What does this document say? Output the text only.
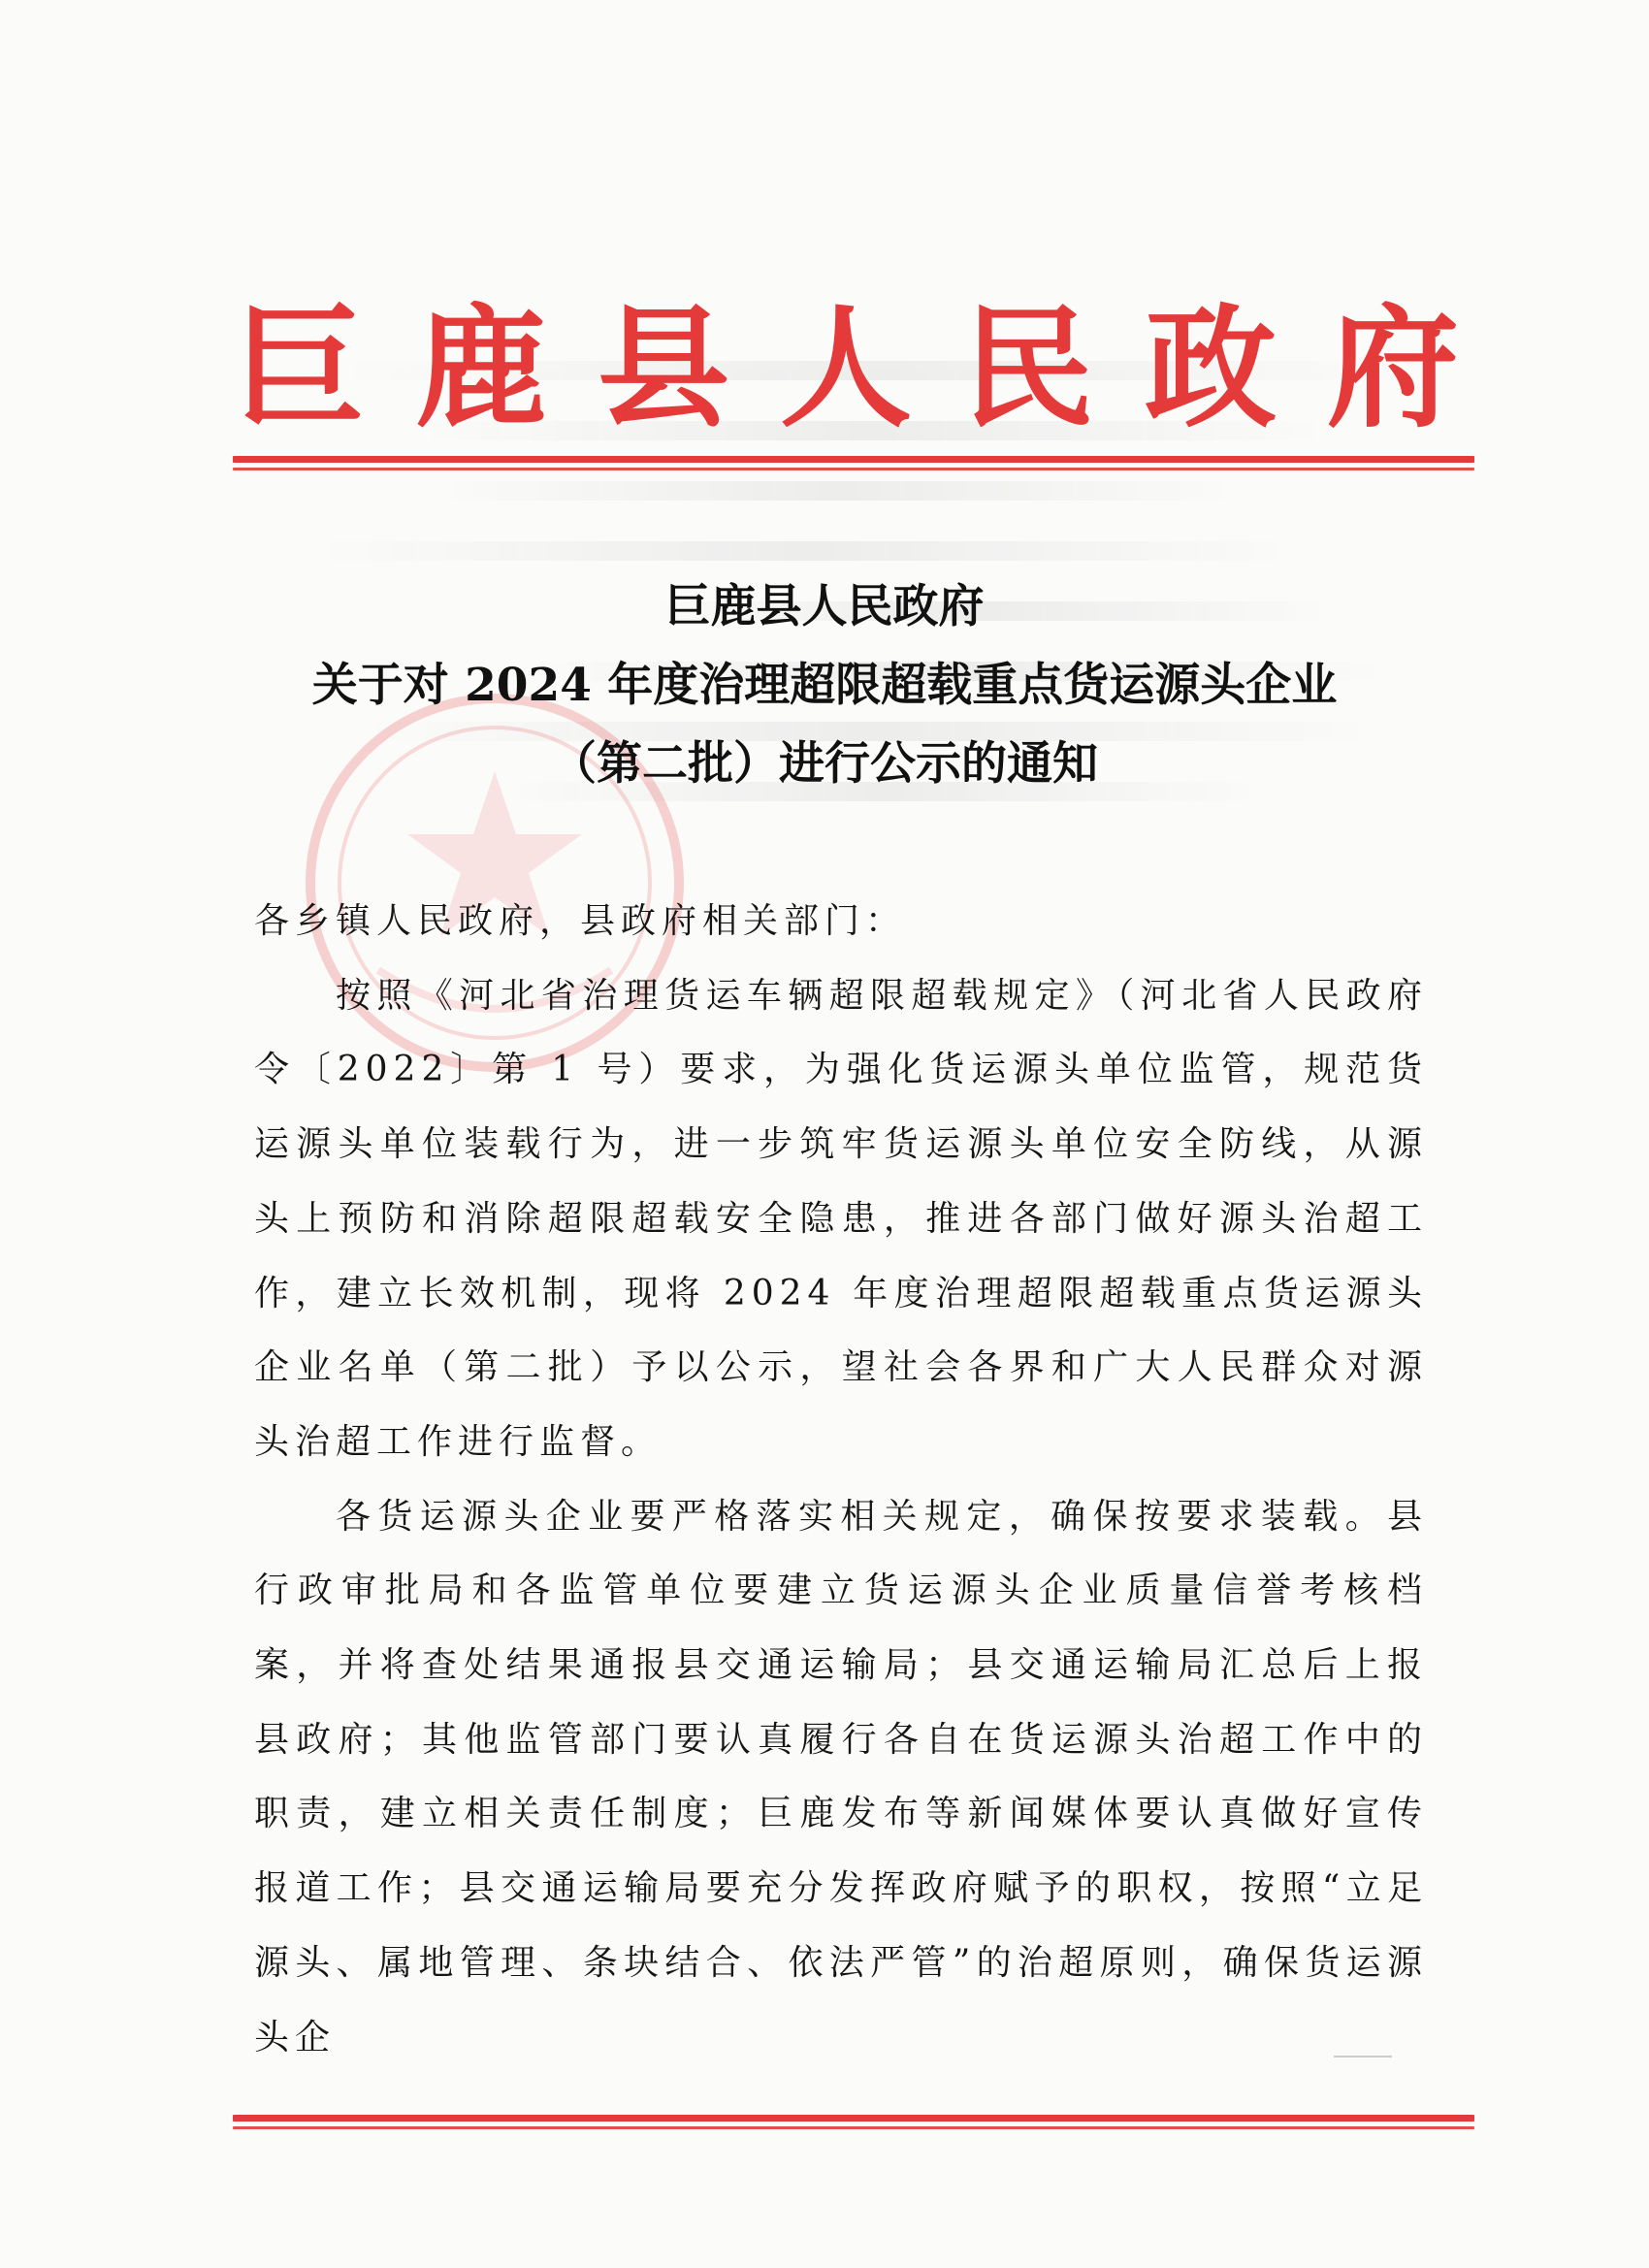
巨鹿县人民政府
巨鹿县人民政府
关于对 2024 年度治理超限超载重点货运源头企业
（第二批）进行公示的通知

各乡镇人民政府，县政府相关部门：

按照《河北省治理货运车辆超限超载规定》（河北省人民政府令〔2022〕第 1 号）要求，为强化货运源头单位监管，规范货运源头单位装载行为，进一步筑牢货运源头单位安全防线，从源头上预防和消除超限超载安全隐患，推进各部门做好源头治超工作，建立长效机制，现将 2024 年度治理超限超载重点货运源头企业名单（第二批）予以公示，望社会各界和广大人民群众对源头治超工作进行监督。

各货运源头企业要严格落实相关规定，确保按要求装载。县行政审批局和各监管单位要建立货运源头企业质量信誉考核档案，并将查处结果通报县交通运输局；县交通运输局汇总后上报县政府；其他监管部门要认真履行各自在货运源头治超工作中的职责，建立相关责任制度；巨鹿发布等新闻媒体要认真做好宣传报道工作；县交通运输局要充分发挥政府赋予的职权，按照“立足源头、属地管理、条块结合、依法严管”的治超原则，确保货运源头企
